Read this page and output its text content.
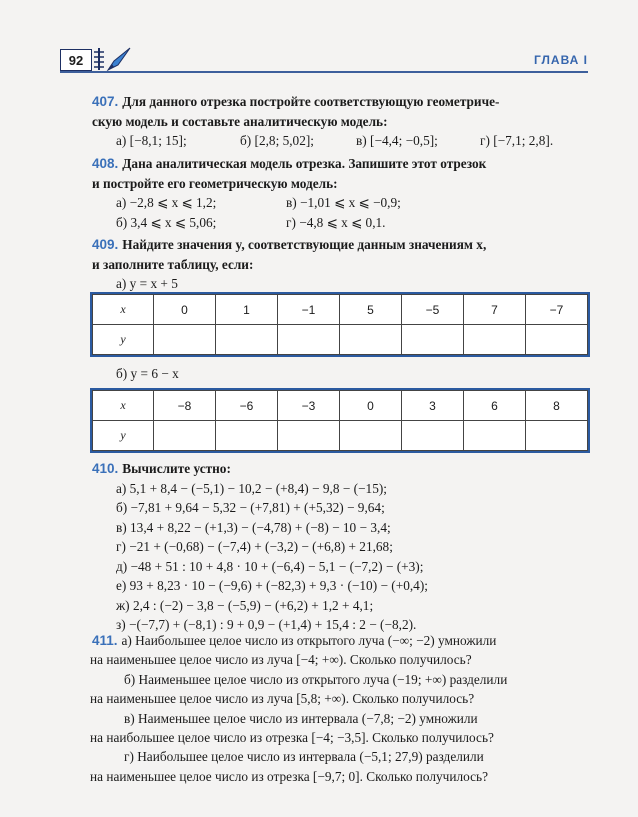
92	ГЛАВА I
407. Для данного отрезка постройте соответствующую геометриче-
скую модель и составьте аналитическую модель:
а) [−8,1; 15];	б) [2,8; 5,02];	в) [−4,4; −0,5];	г) [−7,1; 2,8].
408. Дана аналитическая модель отрезка. Запишите этот отрезок
и постройте его геометрическую модель:
а) −2,8 ⩽ x ⩽ 1,2;	в) −1,01 ⩽ x ⩽ −0,9;
б) 3,4 ⩽ x ⩽ 5,06;	г) −4,8 ⩽ x ⩽ 0,1.
409. Найдите значения y, соответствующие данным значениям x,
и заполните таблицу, если:
а) y = x + 5
x	0	1	−1	5	−5	7	−7
y							
б) y = 6 − x
x	−8	−6	−3	0	3	6	8
y							
410. Вычислите устно:
а) 5,1 + 8,4 − (−5,1) − 10,2 − (+8,4) − 9,8 − (−15);
б) −7,81 + 9,64 − 5,32 − (+7,81) + (+5,32) − 9,64;
в) 13,4 + 8,22 − (+1,3) − (−4,78) + (−8) − 10 − 3,4;
г) −21 + (−0,68) − (−7,4) + (−3,2) − (+6,8) + 21,68;
д) −48 + 51 : 10 + 4,8 · 10 + (−6,4) − 5,1 − (−7,2) − (+3);
е) 93 + 8,23 · 10 − (−9,6) + (−82,3) + 9,3 · (−10) − (+0,4);
ж) 2,4 : (−2) − 3,8 − (−5,9) − (+6,2) + 1,2 + 4,1;
з) −(−7,7) + (−8,1) : 9 + 0,9 − (+1,4) + 15,4 : 2 − (−8,2).
411. а) Наибольшее целое число из открытого луча (−∞; −2) умножили
на наименьшее целое число из луча [−4; +∞). Сколько получилось?
б) Наименьшее целое число из открытого луча (−19; +∞) разделили
на наименьшее целое число из луча [5,8; +∞). Сколько получилось?
в) Наименьшее целое число из интервала (−7,8; −2) умножили
на наибольшее целое число из отрезка [−4; −3,5]. Сколько получилось?
г) Наибольшее целое число из интервала (−5,1; 27,9) разделили
на наименьшее целое число из отрезка [−9,7; 0]. Сколько получилось?
